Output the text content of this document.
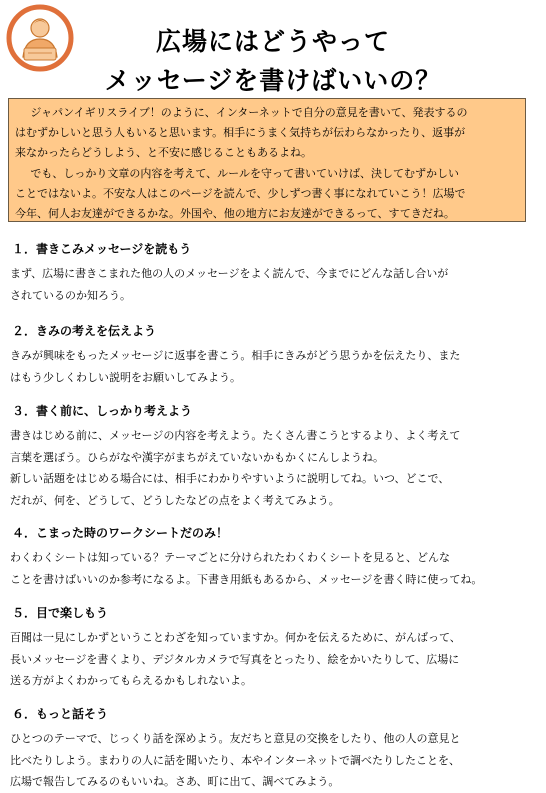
広場にはどうやって
メッセージを書けばいいの？

ジャパンイギリスライブ！のように、インターネットで自分の意見を書いて、発表するの

はむずかしいと思う人もいると思います。相手にうまく気持ちが伝わらなかったり、返事が

来なかったらどうしよう、と不安に感じることもあるよね。

でも、しっかり文章の内容を考えて、ルールを守って書いていけば、決してむずかしい

ことではないよ。不安な人はこのページを読んで、少しずつ書く事になれていこう！広場で

今年、何人お友達ができるかな。外国や、他の地方にお友達ができるって、すてきだね。

１．書きこみメッセージを読もう

まず、広場に書きこまれた他の人のメッセージをよく読んで、今までにどんな話し合いが

されているのか知ろう。

２．きみの考えを伝えよう

きみが興味をもったメッセージに返事を書こう。相手にきみがどう思うかを伝えたり、また

はもう少しくわしい説明をお願いしてみよう。

３．書く前に、しっかり考えよう

書きはじめる前に、メッセージの内容を考えよう。たくさん書こうとするより、よく考えて

言葉を選ぼう。ひらがなや漢字がまちがえていないかもかくにんしようね。

新しい話題をはじめる場合には、相手にわかりやすいように説明してね。いつ、どこで、

だれが、何を、どうして、どうしたなどの点をよく考えてみよう。

４．こまった時のワークシートだのみ！

わくわくシートは知っている？テーマごとに分けられたわくわくシートを見ると、どんな

ことを書けばいいのか参考になるよ。下書き用紙もあるから、メッセージを書く時に使ってね。

５．目で楽しもう

百聞は一見にしかずということわざを知っていますか。何かを伝えるために、がんばって、

長いメッセージを書くより、デジタルカメラで写真をとったり、絵をかいたりして、広場に

送る方がよくわかってもらえるかもしれないよ。

６．もっと話そう

ひとつのテーマで、じっくり話を深めよう。友だちと意見の交換をしたり、他の人の意見と

比べたりしよう。まわりの人に話を聞いたり、本やインターネットで調べたりしたことを、

広場で報告してみるのもいいね。さあ、町に出て、調べてみよう。
